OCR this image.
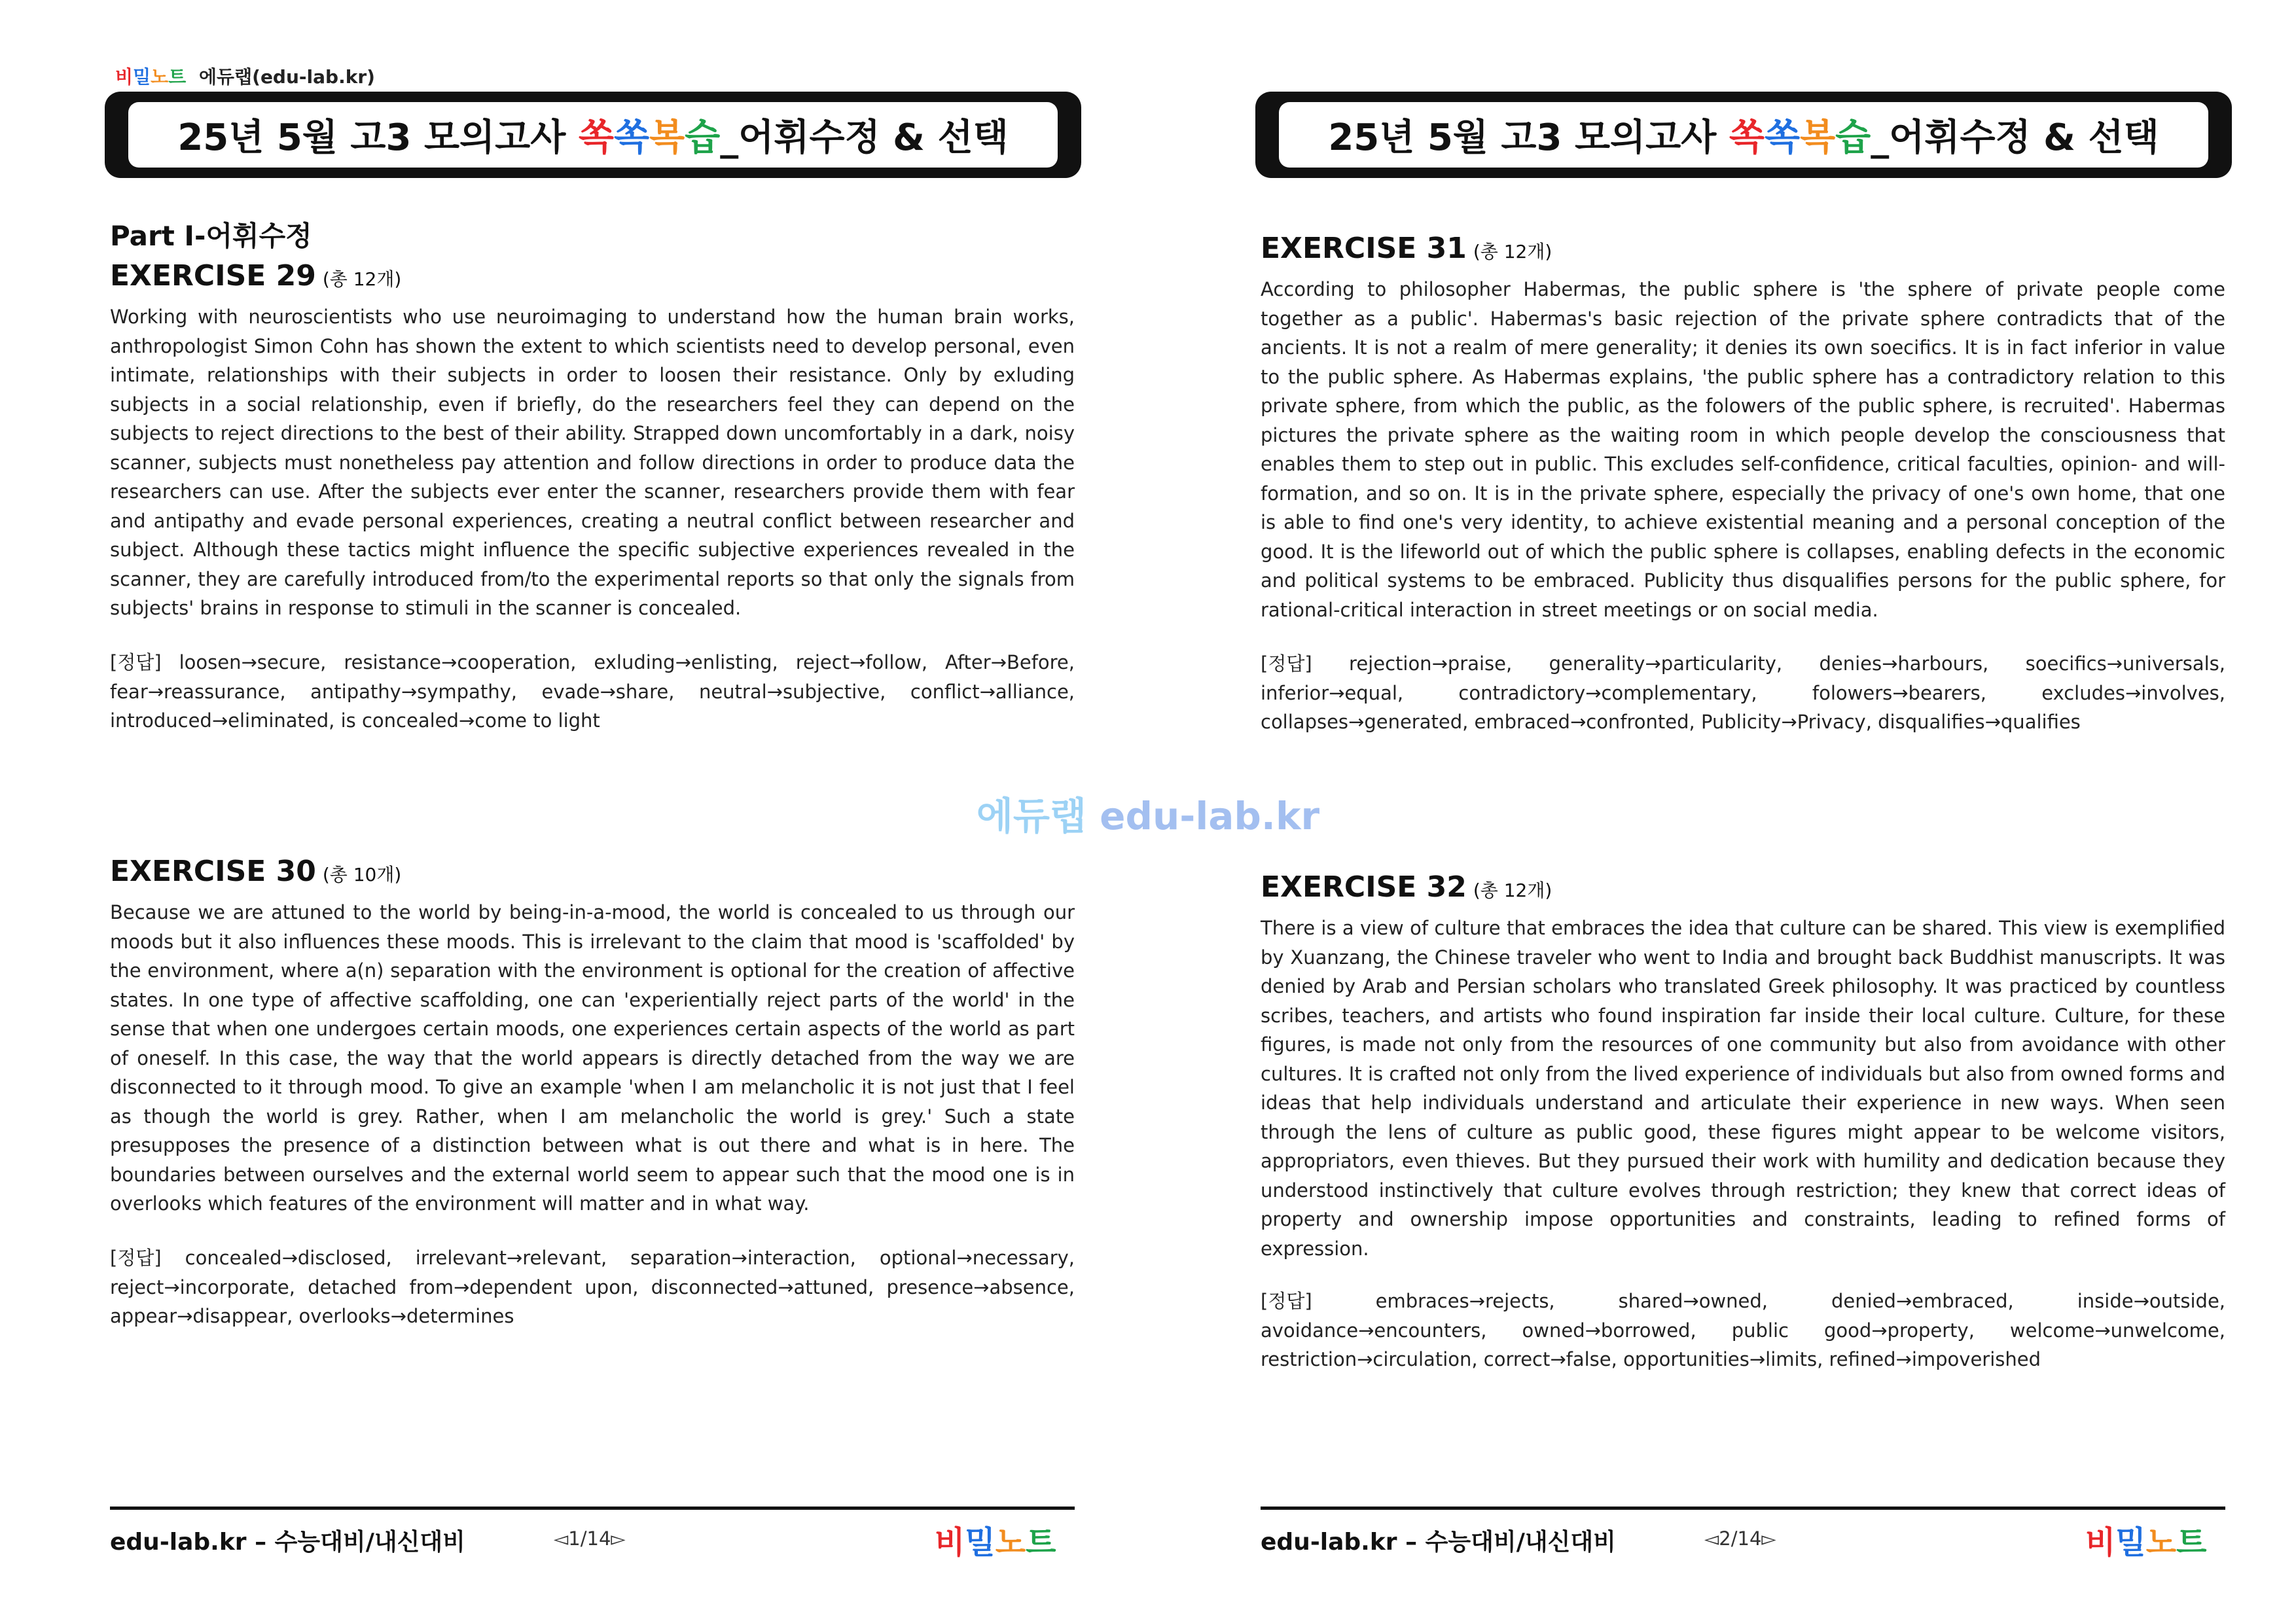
비밀노트 에듀랩(edu-lab.kr)
25년 5월 고3 모의고사 쏙 쏙 복 습 _어휘수정 & 선택
Part I-어휘수정
EXERCISE 29 (총 12개)
Working with neuroscientists who use neuroimaging to understand how the human brain works, anthropologist Simon Cohn has shown the extent to which scientists need to develop personal, even intimate, relationships with their subjects in order to loosen their resistance. Only by exluding subjects in a social relationship, even if briefly, do the researchers feel they can depend on the subjects to reject directions to the best of their ability. Strapped down uncomfortably in a dark, noisy scanner, subjects must nonetheless pay attention and follow directions in order to produce data the researchers can use. After the subjects ever enter the scanner, researchers provide them with fear and antipathy and evade personal experiences, creating a neutral conflict between researcher and subject. Although these tactics might influence the specific subjective experiences revealed in the scanner, they are carefully introduced from/to the experimental reports so that only the signals from subjects' brains in response to stimuli in the scanner is concealed.
[정답] loosen→secure, resistance→cooperation, exluding→enlisting, reject→follow, After→Before, fear→reassurance, antipathy→sympathy, evade→share, neutral→subjective, conflict→alliance, introduced→eliminated, is concealed→come to light
EXERCISE 30 (총 10개)
Because we are attuned to the world by being-in-a-mood, the world is concealed to us through our moods but it also influences these moods. This is irrelevant to the claim that mood is 'scaffolded' by the environment, where a(n) separation with the environment is optional for the creation of affective states. In one type of affective scaffolding, one can 'experientially reject parts of the world' in the sense that when one undergoes certain moods, one experiences certain aspects of the world as part of oneself. In this case, the way that the world appears is directly detached from the way we are disconnected to it through mood. To give an example 'when I am melancholic it is not just that I feel as though the world is grey. Rather, when I am melancholic the world is grey.' Such a state presupposes the presence of a distinction between what is out there and what is in here. The boundaries between ourselves and the external world seem to appear such that the mood one is in overlooks which features of the environment will matter and in what way.
[정답] concealed→disclosed, irrelevant→relevant, separation→interaction, optional→necessary, reject→incorporate, detached from→dependent upon, disconnected→attuned, presence→absence, appear→disappear, overlooks→determines
edu-lab.kr – 수능대비/내신대비	◅1/14▻	비밀노트
25년 5월 고3 모의고사 쏙 쏙 복 습 _어휘수정 & 선택
EXERCISE 31 (총 12개)
According to philosopher Habermas, the public sphere is 'the sphere of private people come together as a public'. Habermas's basic rejection of the private sphere contradicts that of the ancients. It is not a realm of mere generality; it denies its own soecifics. It is in fact inferior in value to the public sphere. As Habermas explains, 'the public sphere has a contradictory relation to this private sphere, from which the public, as the folowers of the public sphere, is recruited'. Habermas pictures the private sphere as the waiting room in which people develop the consciousness that enables them to step out in public. This excludes self-confidence, critical faculties, opinion- and will-formation, and so on. It is in the private sphere, especially the privacy of one's own home, that one is able to find one's very identity, to achieve existential meaning and a personal conception of the good. It is the lifeworld out of which the public sphere is collapses, enabling defects in the economic and political systems to be embraced. Publicity thus disqualifies persons for the public sphere, for rational-critical interaction in street meetings or on social media.
[정답] rejection→praise, generality→particularity, denies→harbours, soecifics→universals, inferior→equal, contradictory→complementary, folowers→bearers, excludes→involves, collapses→generated, embraced→confronted, Publicity→Privacy, disqualifies→qualifies
EXERCISE 32 (총 12개)
There is a view of culture that embraces the idea that culture can be shared. This view is exemplified by Xuanzang, the Chinese traveler who went to India and brought back Buddhist manuscripts. It was denied by Arab and Persian scholars who translated Greek philosophy. It was practiced by countless scribes, teachers, and artists who found inspiration far inside their local culture. Culture, for these figures, is made not only from the resources of one community but also from avoidance with other cultures. It is crafted not only from the lived experience of individuals but also from owned forms and ideas that help individuals understand and articulate their experience in new ways. When seen through the lens of culture as public good, these figures might appear to be welcome visitors, appropriators, even thieves. But they pursued their work with humility and dedication because they understood instinctively that culture evolves through restriction; they knew that correct ideas of property and ownership impose opportunities and constraints, leading to refined forms of expression.
[정답] embraces→rejects, shared→owned, denied→embraced, inside→outside, avoidance→encounters, owned→borrowed, public good→property, welcome→unwelcome, restriction→circulation, correct→false, opportunities→limits, refined→impoverished
edu-lab.kr – 수능대비/내신대비	◅2/14▻	비밀노트
에듀랩 edu-lab.kr
